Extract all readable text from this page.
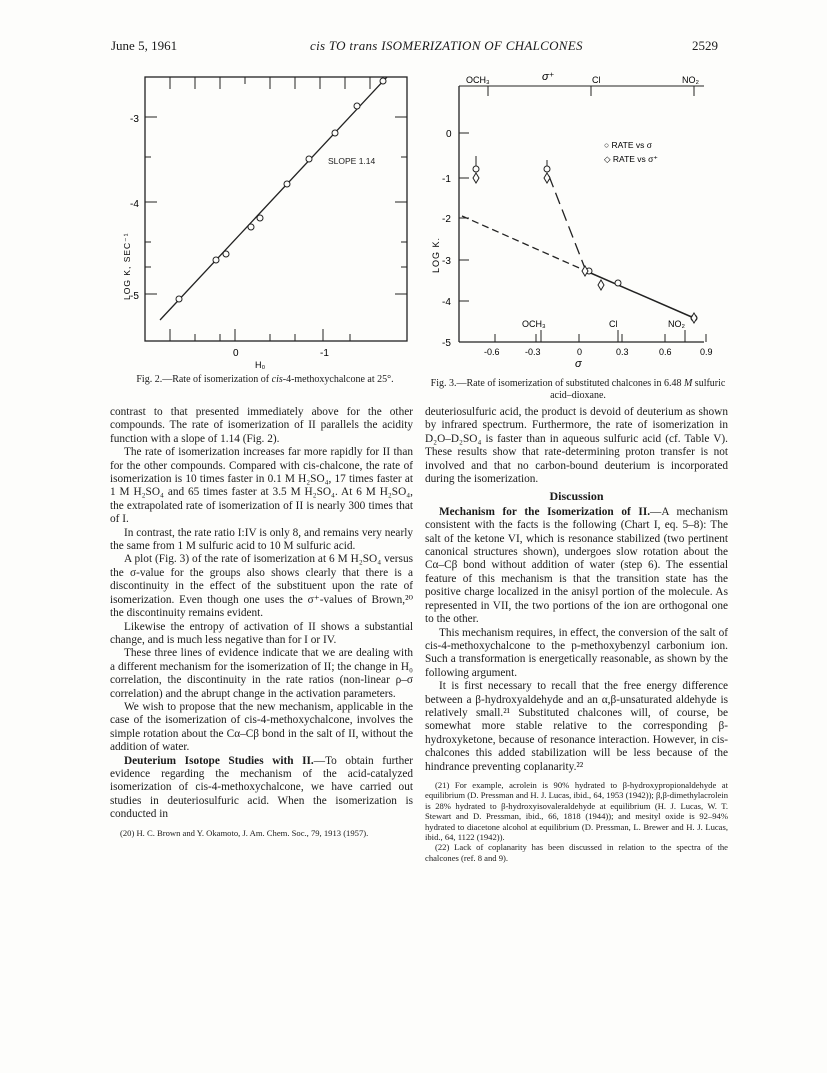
June 5, 1961	cis TO trans ISOMERIZATION OF CHALCONES	2529
SLOPE 1.14
-3
-4
-5
0	-1
H₀
LOG K, SEC⁻¹
Fig. 2.—Rate of isomerization of cis-4-methoxychalcone at 25°.
OCH₃	σ⁺	Cl	NO₂
○ RATE vs σ
◇ RATE vs σ⁺
OCH₃	Cl	NO₂
0
-1
-2
-3
-4
-5
LOG K.
-0.6	-0.3	0	0.3	0.6	0.9
σ
Fig. 3.—Rate of isomerization of substituted chalcones in 6.48 M sulfuric acid–dioxane.

contrast to that presented immediately above for the other compounds. The rate of isomerization of II parallels the acidity function with a slope of 1.14 (Fig. 2).

The rate of isomerization increases far more rapidly for II than for the other compounds. Compared with cis-chalcone, the rate of isomerization is 10 times faster in 0.1 M H₂SO₄, 17 times faster at 1 M H₂SO₄ and 65 times faster at 3.5 M H₂SO₄. At 6 M H₂SO₄, the extrapolated rate of isomerization of II is nearly 300 times that of I.

In contrast, the rate ratio I:IV is only 8, and remains very nearly the same from 1 M sulfuric acid to 10 M sulfuric acid.

A plot (Fig. 3) of the rate of isomerization at 6 M H₂SO₄ versus the σ-value for the groups also shows clearly that there is a discontinuity in the effect of the substituent upon the rate of isomerization. Even though one uses the σ⁺-values of Brown,²⁰ the discontinuity remains evident.

Likewise the entropy of activation of II shows a substantial change, and is much less negative than for I or IV.

These three lines of evidence indicate that we are dealing with a different mechanism for the isomerization of II; the change in H₀ correlation, the discontinuity in the rate ratios (non-linear ρ–σ correlation) and the abrupt change in the activation parameters.

We wish to propose that the new mechanism, applicable in the case of the isomerization of cis-4-methoxychalcone, involves the simple rotation about the Cα–Cβ bond in the salt of II, without the addition of water.

Deuterium Isotope Studies with II.—To obtain further evidence regarding the mechanism of the acid-catalyzed isomerization of cis-4-methoxychalcone, we have carried out studies in deuteriosulfuric acid. When the isomerization is conducted in

(20) H. C. Brown and Y. Okamoto, J. Am. Chem. Soc., 79, 1913 (1957).

deuteriosulfuric acid, the product is devoid of deuterium as shown by infrared spectrum. Furthermore, the rate of isomerization in D₂O–D₂SO₄ is faster than in aqueous sulfuric acid (cf. Table V). These results show that rate-determining proton transfer is not involved and that no carbon-bound deuterium is incorporated during the isomerization.

Discussion

Mechanism for the Isomerization of II.—A mechanism consistent with the facts is the following (Chart I, eq. 5–8): The salt of the ketone VI, which is resonance stabilized (two pertinent canonical structures shown), undergoes slow rotation about the Cα–Cβ bond without addition of water (step 6). The essential feature of this mechanism is that the transition state has the positive charge localized in the anisyl portion of the molecule. As represented in VII, the two portions of the ion are orthogonal one to the other.

This mechanism requires, in effect, the conversion of the salt of cis-4-methoxychalcone to the p-methoxybenzyl carbonium ion. Such a transformation is energetically reasonable, as shown by the following argument.

It is first necessary to recall that the free energy difference between a β-hydroxyaldehyde and an α,β-unsaturated aldehyde is relatively small.²¹ Substituted chalcones will, of course, be somewhat more stable relative to the corresponding β-hydroxyketone, because of resonance interaction. However, in cis-chalcones this added stabilization will be less because of the hindrance preventing coplanarity.²²

(21) For example, acrolein is 90% hydrated to β-hydroxypropionaldehyde at equilibrium (D. Pressman and H. J. Lucas, ibid., 64, 1953 (1942)); β,β-dimethylacrolein is 28% hydrated to β-hydroxyisovaleraldehyde at equilibrium (H. J. Lucas, W. T. Stewart and D. Pressman, ibid., 66, 1818 (1944)); and mesityl oxide is 92–94% hydrated to diacetone alcohol at equilibrium (D. Pressman, L. Brewer and H. J. Lucas, ibid., 64, 1122 (1942)).

(22) Lack of coplanarity has been discussed in relation to the spectra of the chalcones (ref. 8 and 9).
